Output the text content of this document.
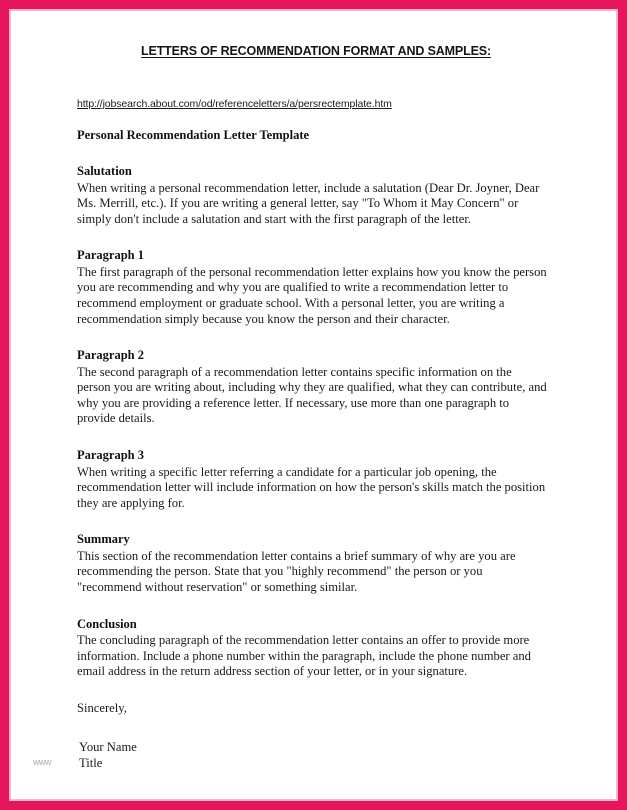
LETTERS OF RECOMMENDATION FORMAT AND SAMPLES:
http://jobsearch.about.com/od/referenceletters/a/persrectemplate.htm
Personal Recommendation Letter Template
Salutation

When writing a personal recommendation letter, include a salutation (Dear Dr. Joyner, Dear Ms. Merrill, etc.). If you are writing a general letter, say "To Whom it May Concern" or simply don't include a salutation and start with the first paragraph of the letter.

Paragraph 1

The first paragraph of the personal recommendation letter explains how you know the person you are recommending and why you are qualified to write a recommendation letter to recommend employment or graduate school. With a personal letter, you are writing a recommendation simply because you know the person and their character.

Paragraph 2

The second paragraph of a recommendation letter contains specific information on the person you are writing about, including why they are qualified, what they can contribute, and why you are providing a reference letter. If necessary, use more than one paragraph to provide details.

Paragraph 3

When writing a specific letter referring a candidate for a particular job opening, the recommendation letter will include information on how the person's skills match the position they are applying for.

Summary

This section of the recommendation letter contains a brief summary of why are you are recommending the person. State that you "highly recommend" the person or you "recommend without reservation" or something similar.

Conclusion

The concluding paragraph of the recommendation letter contains an offer to provide more information. Include a phone number within the paragraph, include the phone number and email address in the return address section of your letter, or in your signature.

Sincerely,

Your Name

Title

www
